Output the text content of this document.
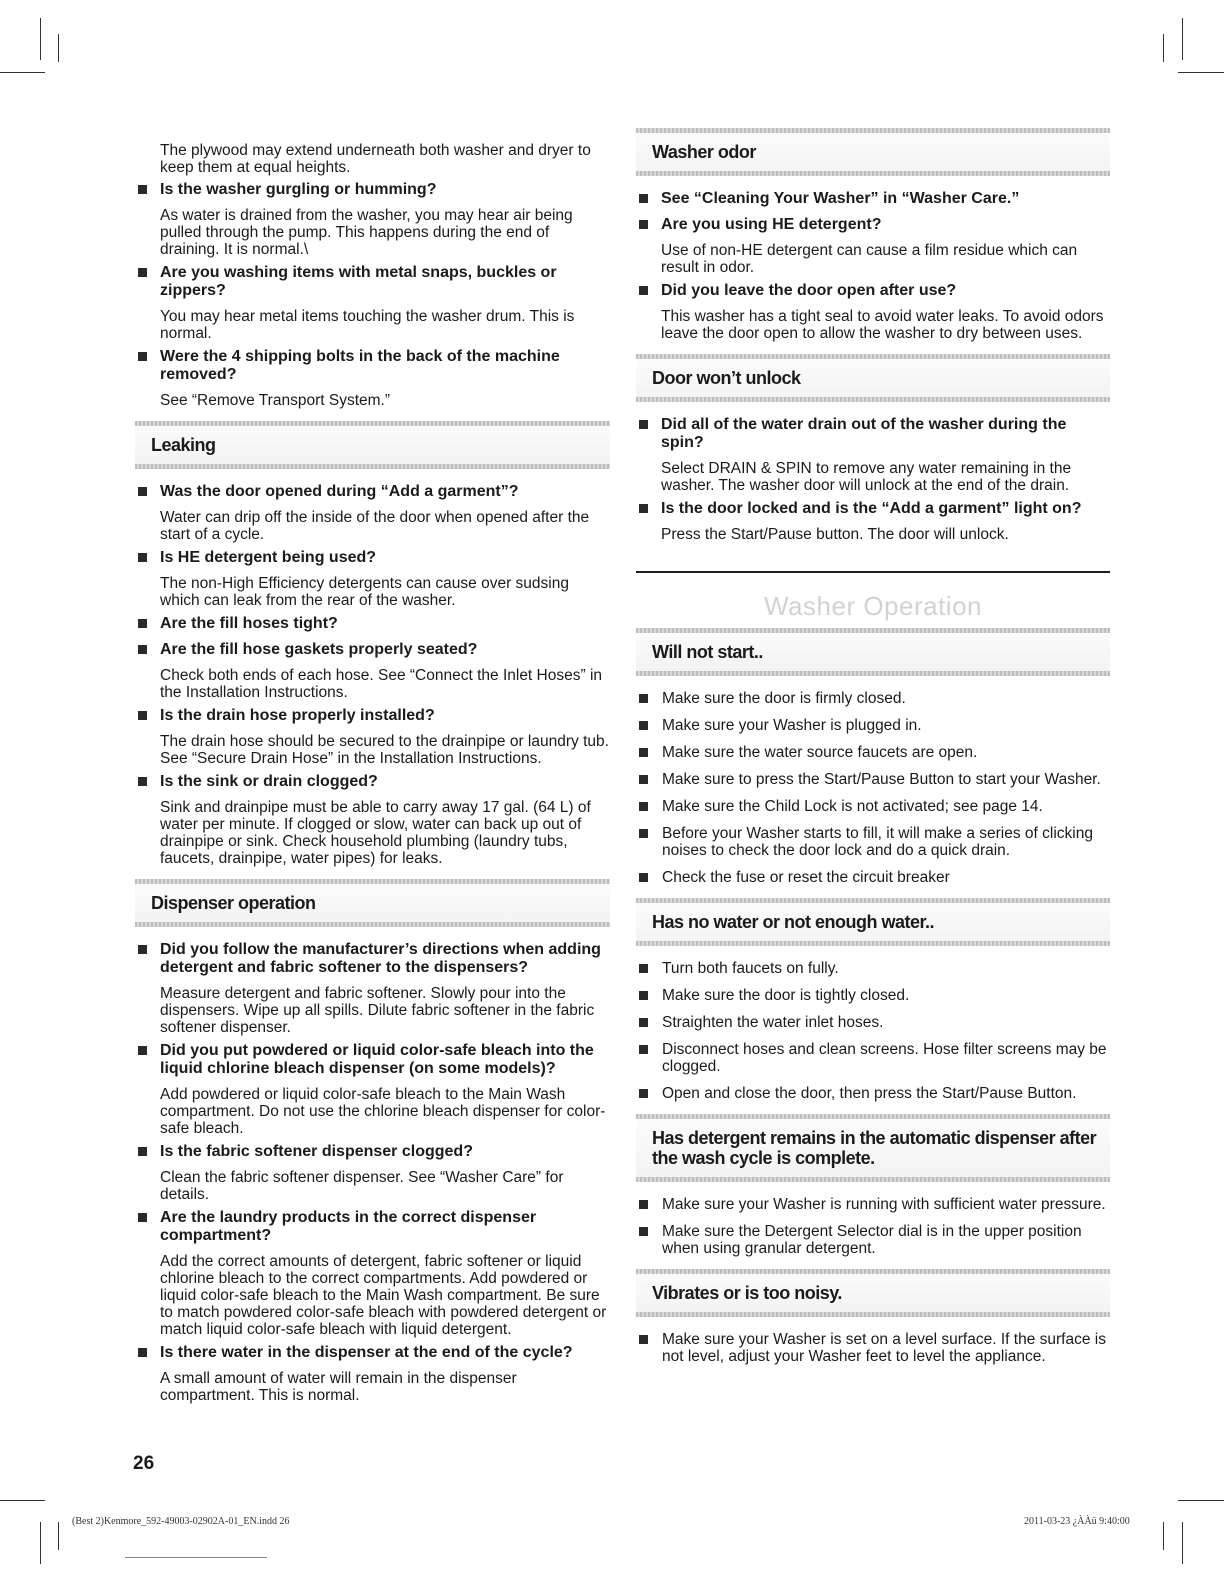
The plywood may extend underneath both washer and dryer to keep them at equal heights.
Is the washer gurgling or humming?
As water is drained from the washer, you may hear air being pulled through the pump. This happens during the end of draining. It is normal.\
Are you washing items with metal snaps, buckles or zippers?
You may hear metal items touching the washer drum. This is normal.
Were the 4 shipping bolts in the back of the machine removed?
See “Remove Transport System.”
Leaking
Was the door opened during “Add a garment”?
Water can drip off the inside of the door when opened after the start of a cycle.
Is HE detergent being used?
The non-High Efficiency detergents can cause over sudsing which can leak from the rear of the washer.
Are the fill hoses tight?
Are the fill hose gaskets properly seated?
Check both ends of each hose. See “Connect the Inlet Hoses” in the Installation Instructions.
Is the drain hose properly installed?
The drain hose should be secured to the drainpipe or laundry tub. See “Secure Drain Hose” in the Installation Instructions.
Is the sink or drain clogged?
Sink and drainpipe must be able to carry away 17 gal. (64 L) of water per minute. If clogged or slow, water can back up out of drainpipe or sink. Check household plumbing (laundry tubs, faucets, drainpipe, water pipes) for leaks.
Dispenser operation
Did you follow the manufacturer’s directions when adding detergent and fabric softener to the dispensers?
Measure detergent and fabric softener. Slowly pour into the dispensers. Wipe up all spills. Dilute fabric softener in the fabric softener dispenser.
Did you put powdered or liquid color-safe bleach into the liquid chlorine bleach dispenser (on some models)?
Add powdered or liquid color-safe bleach to the Main Wash compartment. Do not use the chlorine bleach dispenser for color-safe bleach.
Is the fabric softener dispenser clogged?
Clean the fabric softener dispenser. See “Washer Care” for details.
Are the laundry products in the correct dispenser compartment?
Add the correct amounts of detergent, fabric softener or liquid chlorine bleach to the correct compartments. Add powdered or liquid color-safe bleach to the Main Wash compartment. Be sure to match powdered color-safe bleach with powdered detergent or match liquid color-safe bleach with liquid detergent.
Is there water in the dispenser at the end of the cycle?
A small amount of water will remain in the dispenser compartment. This is normal.
Washer odor
See “Cleaning Your Washer” in “Washer Care.”
Are you using HE detergent?
Use of non-HE detergent can cause a film residue which can result in odor.
Did you leave the door open after use?
This washer has a tight seal to avoid water leaks. To avoid odors leave the door open to allow the washer to dry between uses.
Door won’t unlock
Did all of the water drain out of the washer during the spin?
Select DRAIN & SPIN to remove any water remaining in the washer. The washer door will unlock at the end of the drain.
Is the door locked and is the “Add a garment” light on?
Press the Start/Pause button. The door will unlock.
Washer Operation
Will not start..
Make sure the door is firmly closed.
Make sure your Washer is plugged in.
Make sure the water source faucets are open.
Make sure to press the Start/Pause Button to start your Washer.
Make sure the Child Lock is not activated; see page 14.
Before your Washer starts to fill, it will make a series of clicking noises to check the door lock and do a quick drain.
Check the fuse or reset the circuit breaker
Has no water or not enough water..
Turn both faucets on fully.
Make sure the door is tightly closed.
Straighten the water inlet hoses.
Disconnect hoses and clean screens. Hose filter screens may be clogged.
Open and close the door, then press the Start/Pause Button.
Has detergent remains in the automatic dispenser after the wash cycle is complete.
Make sure your Washer is running with sufficient water pressure.
Make sure the Detergent Selector dial is in the upper position when using granular detergent.
Vibrates or is too noisy.
Make sure your Washer is set on a level surface. If the surface is not level, adjust your Washer feet to level the appliance.
26
(Best 2)Kenmore_592-49003-02902A-01_EN.indd 26	2011-03-23 ¿ÀÀü 9:40:00
